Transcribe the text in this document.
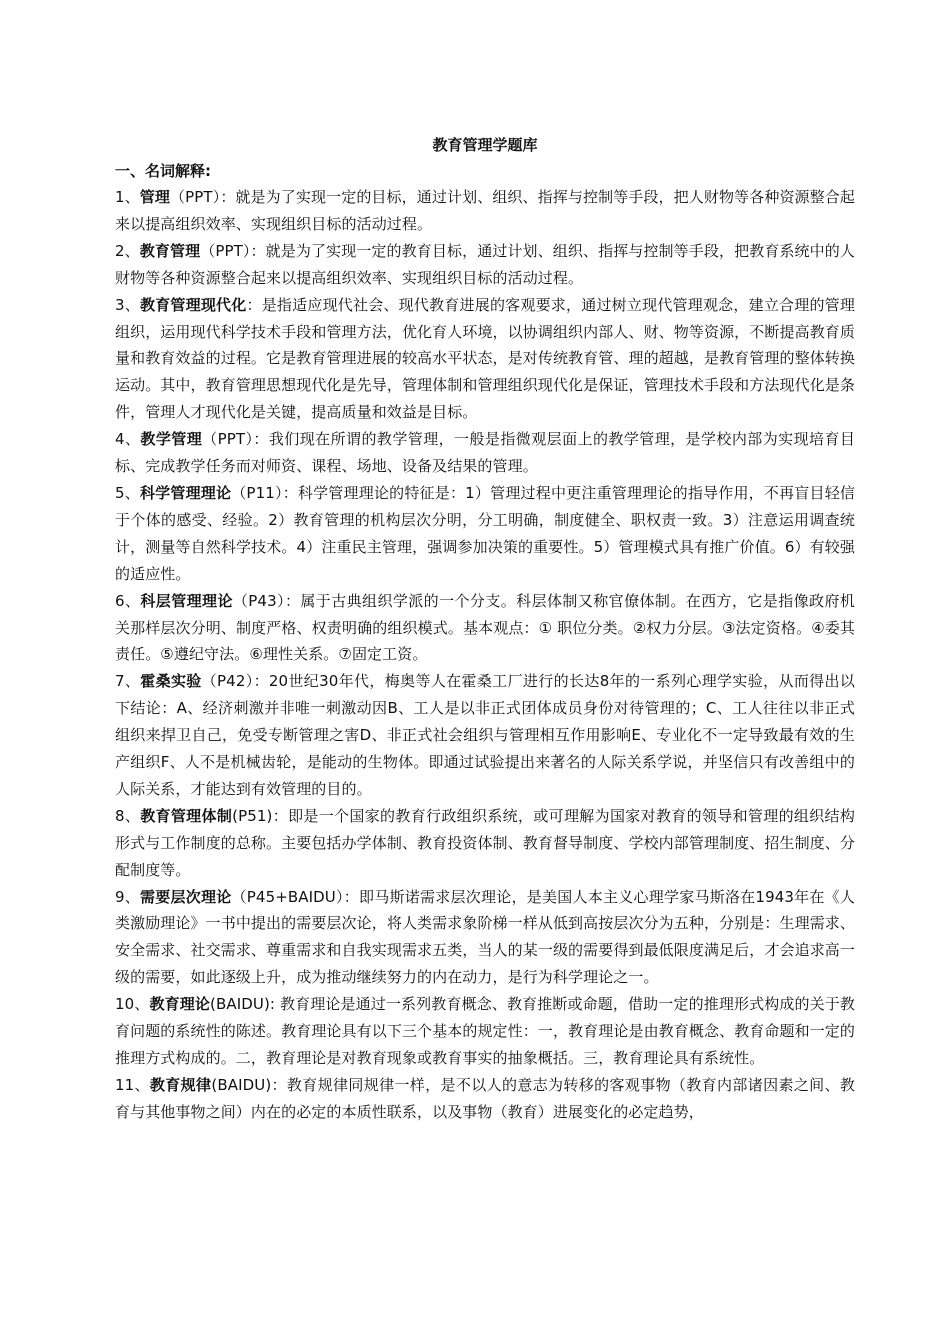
教育管理学题库
一、名词解释:

1、管理（PPT）：就是为了实现一定的目标，通过计划、组织、指挥与控制等手段，把人财物等各种资源整合起来以提高组织效率、实现组织目标的活动过程。

2、教育管理（PPT）：就是为了实现一定的教育目标，通过计划、组织、指挥与控制等手段，把教育系统中的人财物等各种资源整合起来以提高组织效率、实现组织目标的活动过程。

3、教育管理现代化：是指适应现代社会、现代教育进展的客观要求，通过树立现代管理观念，建立合理的管理组织，运用现代科学技术手段和管理方法，优化育人环境，以协调组织内部人、财、物等资源，不断提高教育质量和教育效益的过程。它是教育管理进展的较高水平状态，是对传统教育管、理的超越，是教育管理的整体转换运动。其中，教育管理思想现代化是先导，管理体制和管理组织现代化是保证，管理技术手段和方法现代化是条件，管理人才现代化是关键，提高质量和效益是目标。

4、教学管理（PPT）：我们现在所谓的教学管理，一般是指微观层面上的教学管理，是学校内部为实现培育目标、完成教学任务而对师资、课程、场地、设备及结果的管理。

5、科学管理理论（P11）：科学管理理论的特征是：1）管理过程中更注重管理理论的指导作用，不再盲目轻信于个体的感受、经验。2）教育管理的机构层次分明，分工明确，制度健全、职权责一致。3）注意运用调查统计，测量等自然科学技术。4）注重民主管理，强调参加决策的重要性。5）管理模式具有推广价值。6）有较强的适应性。

6、科层管理理论（P43）：属于古典组织学派的一个分支。科层体制又称官僚体制。在西方，它是指像政府机关那样层次分明、制度严格、权责明确的组织模式。基本观点：① 职位分类。②权力分层。③法定资格。④委其责任。⑤遵纪守法。⑥理性关系。⑦固定工资。

7、霍桑实验（P42）：20世纪30年代，梅奥等人在霍桑工厂进行的长达8年的一系列心理学实验，从而得出以下结论：A、经济刺激并非唯一刺激动因B、工人是以非正式团体成员身份对待管理的；C、工人往往以非正式组织来捍卫自己，免受专断管理之害D、非正式社会组织与管理相互作用影响E、专业化不一定导致最有效的生产组织F、人不是机械齿轮，是能动的生物体。即通过试验提出来著名的人际关系学说，并坚信只有改善组中的人际关系，才能达到有效管理的目的。

8、教育管理体制(P51)：即是一个国家的教育行政组织系统，或可理解为国家对教育的领导和管理的组织结构形式与工作制度的总称。主要包括办学体制、教育投资体制、教育督导制度、学校内部管理制度、招生制度、分配制度等。

9、需要层次理论（P45+BAIDU）：即马斯诺需求层次理论，是美国人本主义心理学家马斯洛在1943年在《人类激励理论》一书中提出的需要层次论，将人类需求象阶梯一样从低到高按层次分为五种，分别是：生理需求、安全需求、社交需求、尊重需求和自我实现需求五类，当人的某一级的需要得到最低限度满足后，才会追求高一级的需要，如此逐级上升，成为推动继续努力的内在动力，是行为科学理论之一。

10、教育理论(BAIDU): 教育理论是通过一系列教育概念、教育推断或命题，借助一定的推理形式构成的关于教育问题的系统性的陈述。教育理论具有以下三个基本的规定性：一，教育理论是由教育概念、教育命题和一定的推理方式构成的。二，教育理论是对教育现象或教育事实的抽象概括。三，教育理论具有系统性。

11、教育规律(BAIDU)：教育规律同规律一样，是不以人的意志为转移的客观事物（教育内部诸因素之间、教育与其他事物之间）内在的必定的本质性联系，以及事物（教育）进展变化的必定趋势，
